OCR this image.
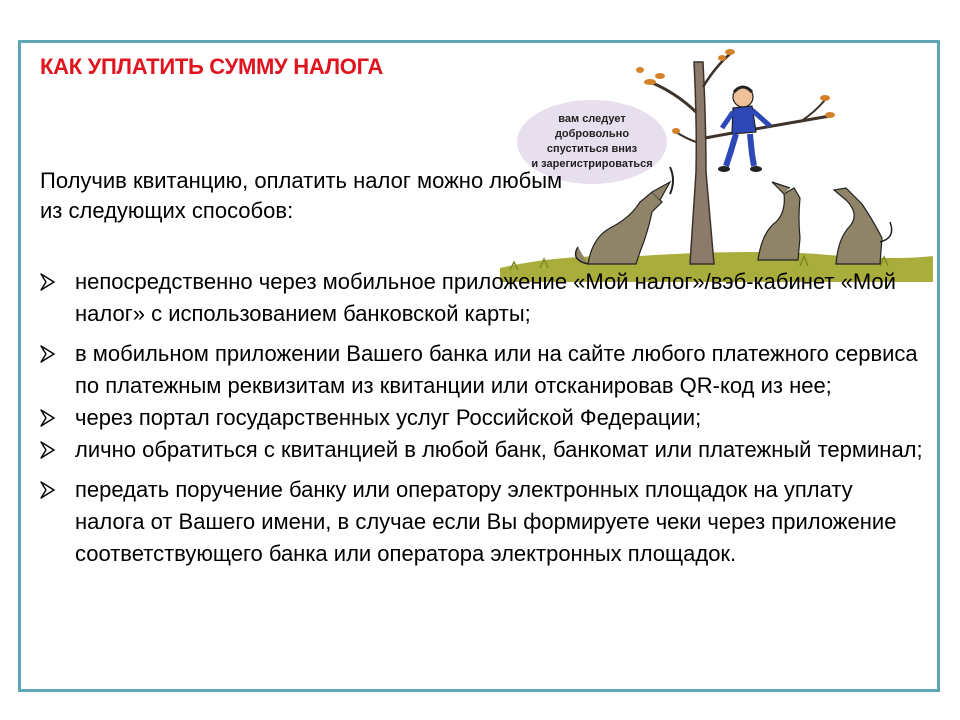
КАК УПЛАТИТЬ СУММУ НАЛОГА
вам следует
добровольно
спуститься вниз
и зарегистрироваться

Получив квитанцию, оплатить налог можно любым из следующих способов:

непосредственно через мобильное приложение «Мой налог»/вэб-кабинет «Мой налог» с использованием банковской карты;
в мобильном приложении Вашего банка или на сайте любого платежного сервиса по платежным реквизитам из квитанции или отсканировав QR-код из нее;
через портал государственных услуг Российской Федерации;
лично обратиться с квитанцией в любой банк, банкомат или платежный терминал;
передать поручение банку или оператору электронных площадок на уплату налога от Вашего имени, в случае если Вы формируете чеки через приложение соответствующего банка или оператора электронных площадок.
